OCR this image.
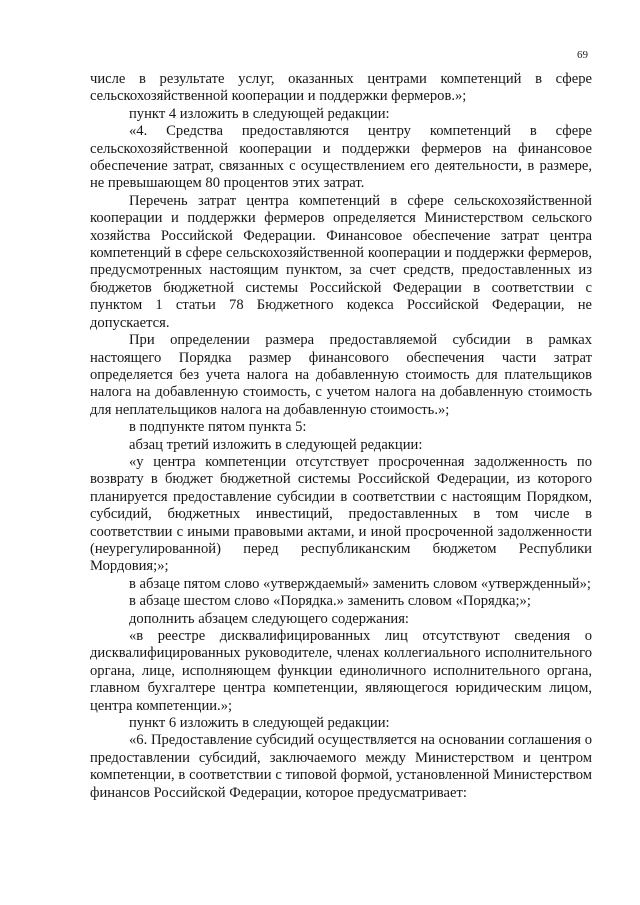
69

числе в результате услуг, оказанных центрами компетенций в сфере сельскохозяйственной кооперации и поддержки фермеров.»;

пункт 4 изложить в следующей редакции:

«4. Средства предоставляются центру компетенций в сфере сельскохозяйственной кооперации и поддержки фермеров на финансовое обеспечение затрат, связанных с осуществлением его деятельности, в размере, не превышающем 80 процентов этих затрат.

Перечень затрат центра компетенций в сфере сельскохозяйственной кооперации и поддержки фермеров определяется Министерством сельского хозяйства Российской Федерации. Финансовое обеспечение затрат центра компетенций в сфере сельскохозяйственной кооперации и поддержки фермеров, предусмотренных настоящим пунктом, за счет средств, предоставленных из бюджетов бюджетной системы Российской Федерации в соответствии с пунктом 1 статьи 78 Бюджетного кодекса Российской Федерации, не допускается.

При определении размера предоставляемой субсидии в рамках настоящего Порядка размер финансового обеспечения части затрат определяется без учета налога на добавленную стоимость для плательщиков налога на добавленную стоимость, с учетом налога на добавленную стоимость для неплательщиков налога на добавленную стоимость.»;

в подпункте пятом пункта 5:

абзац третий изложить в следующей редакции:

«у центра компетенции отсутствует просроченная задолженность по возврату в бюджет бюджетной системы Российской Федерации, из которого планируется предоставление субсидии в соответствии с настоящим Порядком, субсидий, бюджетных инвестиций, предоставленных в том числе в соответствии с иными правовыми актами, и иной просроченной задолженности (неурегулированной) перед республиканским бюджетом Республики Мордовия;»;

в абзаце пятом слово «утверждаемый» заменить словом «утвержденный»;

в абзаце шестом слово «Порядка.» заменить словом «Порядка;»;

дополнить абзацем следующего содержания:

«в реестре дисквалифицированных лиц отсутствуют сведения о дисквалифицированных руководителе, членах коллегиального исполнительного органа, лице, исполняющем функции единоличного исполнительного органа, главном бухгалтере центра компетенции, являющегося юридическим лицом, центра компетенции.»;

пункт 6 изложить в следующей редакции:

«6. Предоставление субсидий осуществляется на основании соглашения о предоставлении субсидий, заключаемого между Министерством и центром компетенции, в соответствии с типовой формой, установленной Министерством финансов Российской Федерации, которое предусматривает:
